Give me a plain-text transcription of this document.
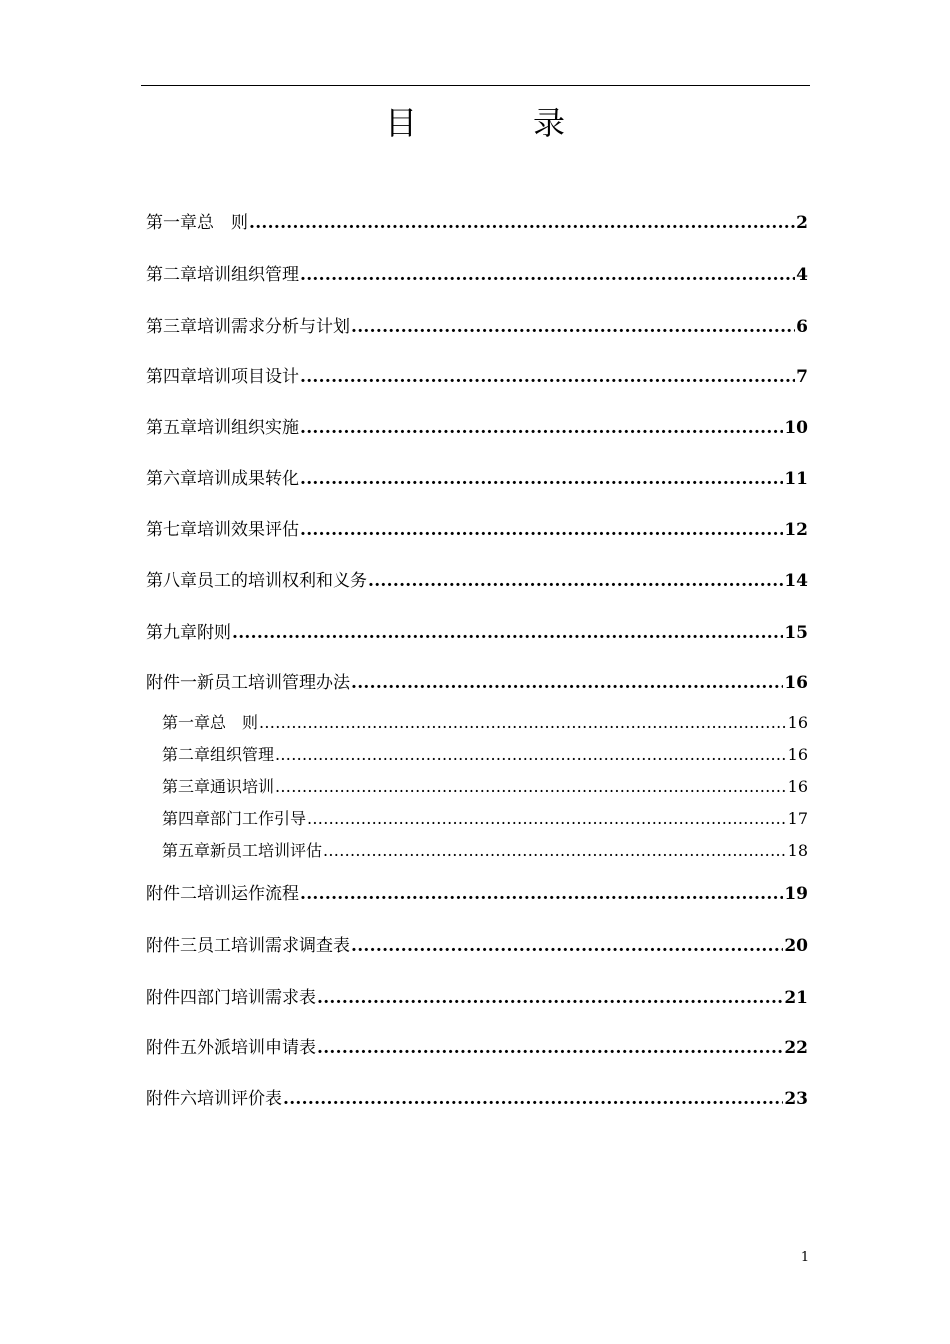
目　录
第一章 总　则 .....	2
第二章 培训组织管理 .....	4
第三章 培训需求分析与计划 .....	6
第四章 培训项目设计 .....	7
第五章 培训组织实施 .....	10
第六章 培训成果转化 .....	11
第七章 培训效果评估 .....	12
第八章 员工的培训权利和义务 .....	14
第九章 附则 .....	15
附件一 新员工培训管理办法 .....	16
第一章 总　则 .....	16
第二章 组织管理 .....	16
第三章 通识培训 .....	16
第四章 部门工作引导 .....	17
第五章 新员工培训评估 .....	18
附件二 培训运作流程 .....	19
附件三 员工培训需求调查表 .....	20
附件四 部门培训需求表 .....	21
附件五 外派培训申请表 .....	22
附件六 培训评价表 .....	23
1
